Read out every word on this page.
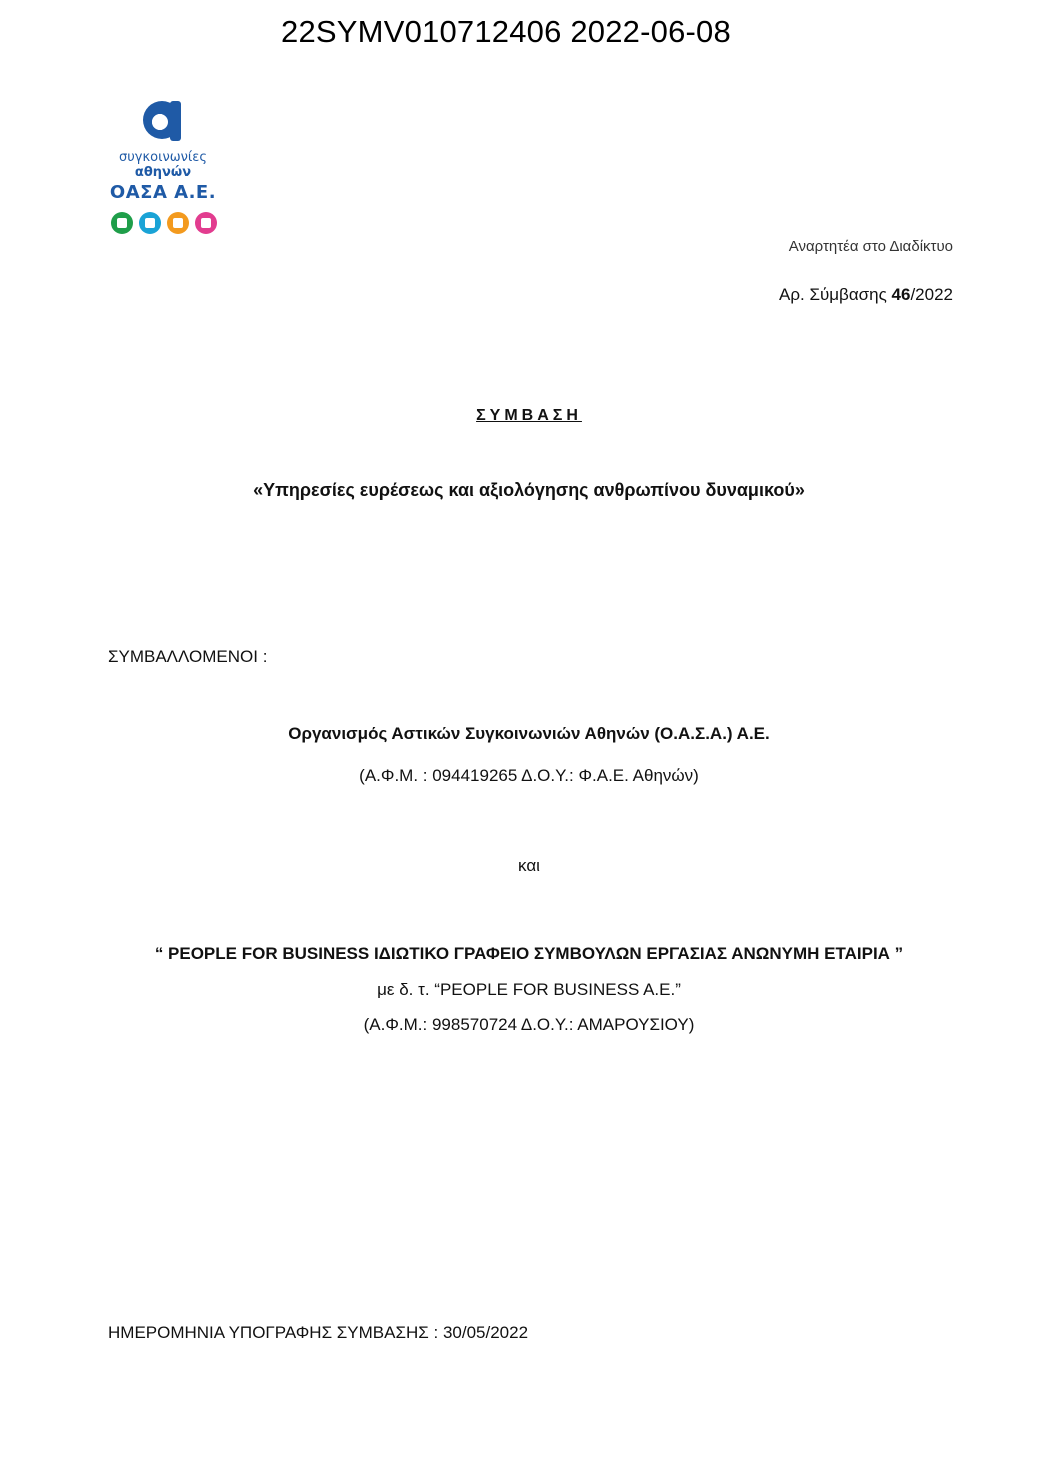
22SYMV010712406 2022-06-08
συγκοινωνίες
αθηνών
ΟΑΣΑ Α.Ε.
Αναρτητέα στο Διαδίκτυο
Αρ. Σύμβασης 46/2022
ΣΥΜΒΑΣΗ
«Υπηρεσίες ευρέσεως και αξιολόγησης ανθρωπίνου δυναμικού»
ΣΥΜΒΑΛΛΟΜΕΝΟΙ :
Οργανισμός Αστικών Συγκοινωνιών Αθηνών (Ο.Α.Σ.Α.) Α.Ε.
(Α.Φ.Μ. : 094419265 Δ.Ο.Υ.: Φ.Α.Ε. Αθηνών)
και
“ PEOPLE FOR BUSINESS ΙΔΙΩΤΙΚΟ ΓΡΑΦΕΙΟ ΣΥΜΒΟΥΛΩΝ ΕΡΓΑΣΙΑΣ ΑΝΩΝΥΜΗ ΕΤΑΙΡΙΑ ”
με δ. τ. “PEOPLE FOR BUSINESS A.E.”
(Α.Φ.Μ.: 998570724 Δ.Ο.Υ.: ΑΜΑΡΟΥΣΙΟΥ)
ΗΜΕΡΟΜΗΝΙΑ ΥΠΟΓΡΑΦΗΣ ΣΥΜΒΑΣΗΣ : 30/05/2022
